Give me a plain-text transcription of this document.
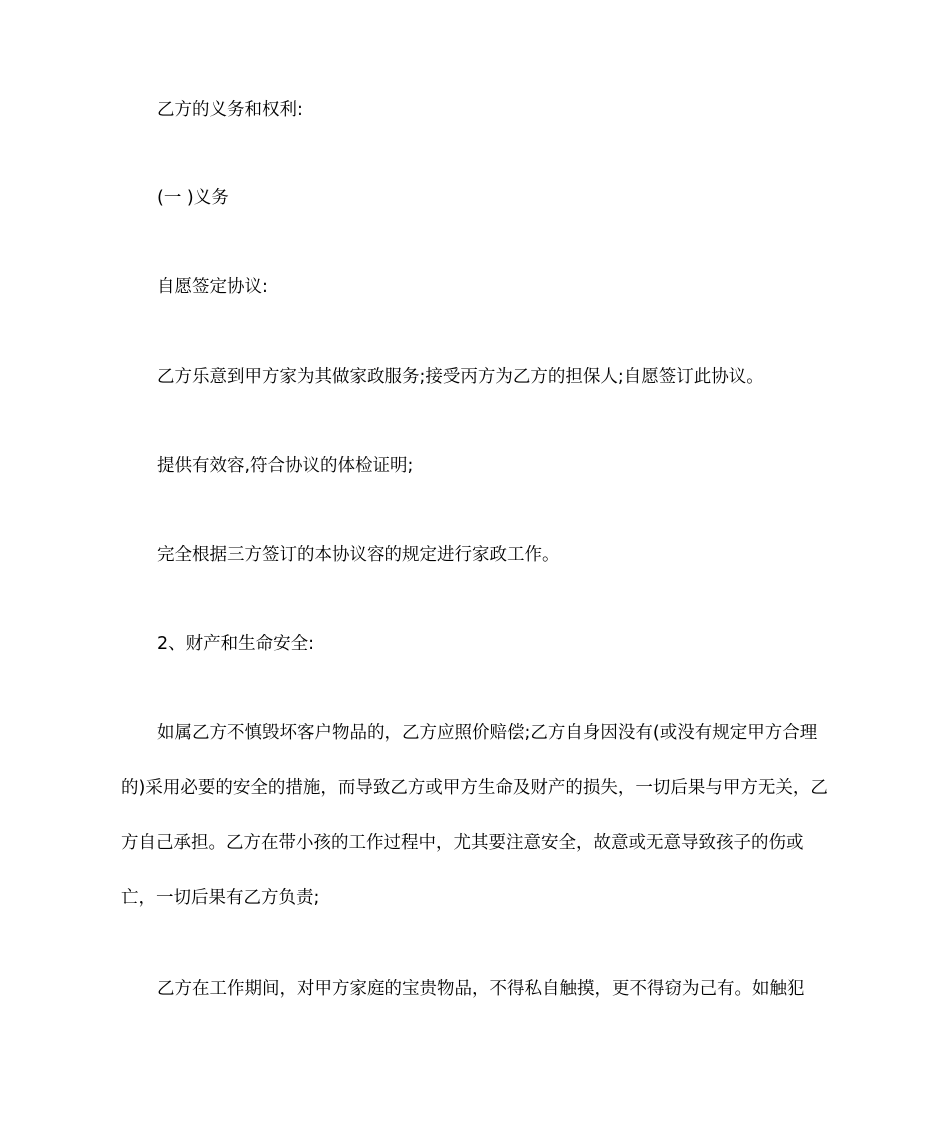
乙方的义务和权利:

(一 )义务

自愿签定协议:

乙方乐意到甲方家为其做家政服务;接受丙方为乙方的担保人;自愿签订此协议。

提供有效容,符合协议的体检证明;

完全根据三方签订的本协议容的规定进行家政工作。

2、财产和生命安全:

如属乙方不慎毁坏客户物品的，乙方应照价赔偿;乙方自身因没有(或没有规定甲方合理的)采用必要的安全的措施，而导致乙方或甲方生命及财产的损失，一切后果与甲方无关，乙方自己承担。乙方在带小孩的工作过程中，尤其要注意安全，故意或无意导致孩子的伤或亡，一切后果有乙方负责;

乙方在工作期间，对甲方家庭的宝贵物品，不得私自触摸，更不得窃为己有。如触犯
